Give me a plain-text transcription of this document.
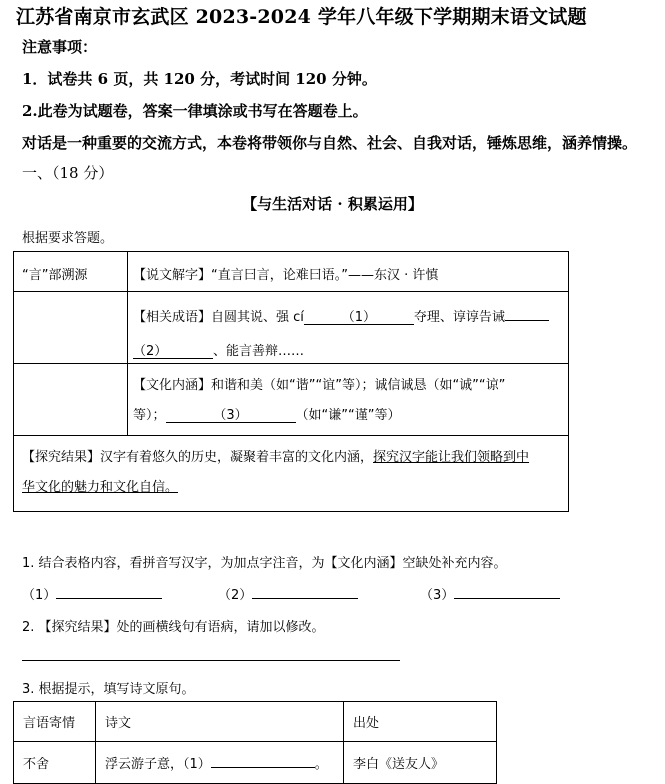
江苏省南京市玄武区 2023-2024 学年八年级下学期期末语文试题
注意事项：
1．试卷共 6 页，共 120 分，考试时间 120 分钟。
2.此卷为试题卷，答案一律填涂或书写在答题卷上。
对话是一种重要的交流方式，本卷将带领你与自然、社会、自我对话，锤炼思维，涵养情操。
一、（18 分）
【与生活对话 · 积累运用】
根据要求答题。
“言”部溯源	【说文解字】“直言曰言，论难曰语。”——东汉 · 许慎

	【相关成语】自圆其说、强 cí （1） 夺理、谆谆告诫
（2） 、能言善辩……

	【文化内涵】和谐和美（如“谐”“谊”等）；诚信诚恳（如“诚”“谅”
等）； （3） （如“谦”“谨”等）

【探究结果】汉字有着悠久的历史，凝聚着丰富的文化内涵，探究汉字能让我们领略到中
华文化的魅力和文化自信。	
1. 结合表格内容，看拼音写汉字，为加点字注音，为【文化内涵】空缺处补充内容。
（1）	（2）	（3）
2. 【探究结果】处的画横线句有语病，请加以修改。
3. 根据提示，填写诗文原句。
言语寄情	诗文	出处
不舍	浮云游子意，（1） 。	李白《送友人》
